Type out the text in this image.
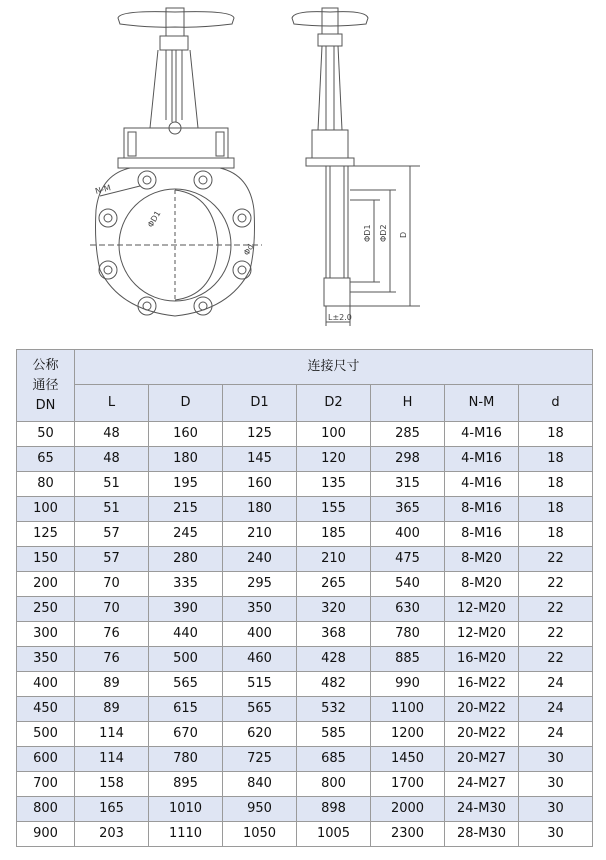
N-M
ΦD1
Φd
ΦD1 ΦD2 D
L±2.0
公称
通径
DN	连接尺寸						
	L	D	D1	D2	H	N-M	d
50	48	160	125	100	285	4-M16	18
65	48	180	145	120	298	4-M16	18
80	51	195	160	135	315	4-M16	18
100	51	215	180	155	365	8-M16	18
125	57	245	210	185	400	8-M16	18
150	57	280	240	210	475	8-M20	22
200	70	335	295	265	540	8-M20	22
250	70	390	350	320	630	12-M20	22
300	76	440	400	368	780	12-M20	22
350	76	500	460	428	885	16-M20	22
400	89	565	515	482	990	16-M22	24
450	89	615	565	532	1100	20-M22	24
500	114	670	620	585	1200	20-M22	24
600	114	780	725	685	1450	20-M27	30
700	158	895	840	800	1700	24-M27	30
800	165	1010	950	898	2000	24-M30	30
900	203	1110	1050	1005	2300	28-M30	30
